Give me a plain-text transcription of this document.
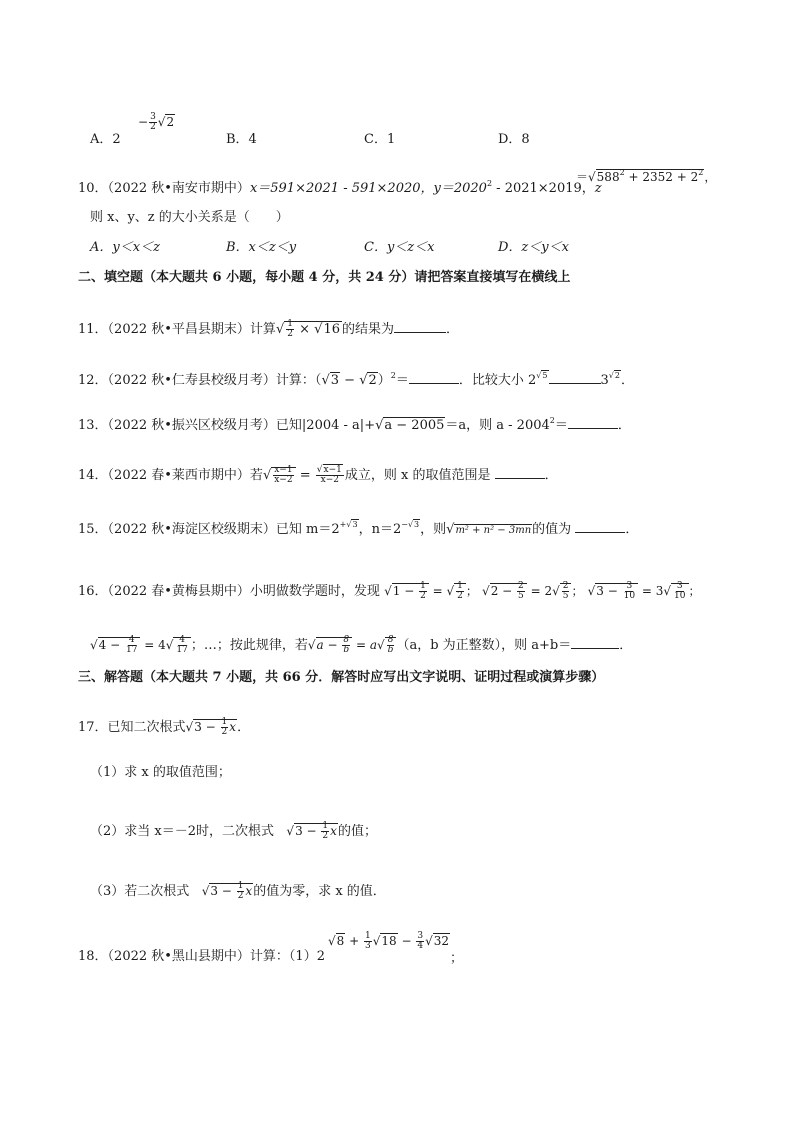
A．2
− $\frac{3}{2} √2$
B．4	C．1	D．8
10．（2022 秋•南安市期中）x＝591×2021 - 591×2020，$y=2020^2 - 2021\times 2019$，z
$=√588^2 + 2352 + 2^2$，
则 x、y、z 的大小关系是（　　）
A．y＜x＜z	B．x＜z＜y	C．y＜z＜x	D．z＜y＜x
二、填空题（本大题共 6 小题，每小题 4 分，共 24 分）请把答案直接填写在横线上
11．（2022 秋•平昌县期末）计算√ $\frac{1}{2} \times √16$ 的结果为	．
12．（2022 秋•仁寿县校级月考）计算：$(√3 - √2)^2=$	．比较大小 $2^{√5}$	$3^{√2}$．
13．（2022 秋•振兴区校级月考）已知|2004 - a|+√a − 2005＝a，则 $a - 2004^2=$	．
14．（2022 春•莱西市期中）若√ $\frac{x-1}{x-2} = \frac{√x-1}{x-2}$ 成立，则 x 的取值范围是	．
15．（2022 秋•海淀区校级期末）已知 $m=2^{+√3}$，$n=2^{-√3}$，则√m² + n² − 3mn的值为	．
16．（2022 春•黄梅县期中）小明做数学题时，发现 $√1 - \frac{1}{2}$ = √ $\frac{1}{2}$ ； $√2 - \frac{2}{5} = 2√ \frac{2}{5}$ ； $√3 - \frac{3}{10} = 3√ \frac{3}{10}$ ；
$√4 - \frac{4}{17} = 4√ \frac{4}{17}$ ；…；按此规律，若$√a - \frac{8}{b} = a√ \frac{8}{b} (a$，b 为正整数），则 a+b＝	．
三、解答题（本大题共 7 小题，共 66 分．解答时应写出文字说明、证明过程或演算步骤）
17．已知二次根式$√3 - \frac{1}{2}$ x．
（1）求 x 的取值范围；
（2）求当 x＝－2时，二次根式 $√3 - \frac{1}{2}$ x的值；
（3）若二次根式 $√3 - \frac{1}{2}$ x的值为零，求 x 的值．
18．（2022 秋•黑山县期中）计算：（1）2
$√8 + \frac{1}{3} √18 - \frac{3}{4} √32$
；
